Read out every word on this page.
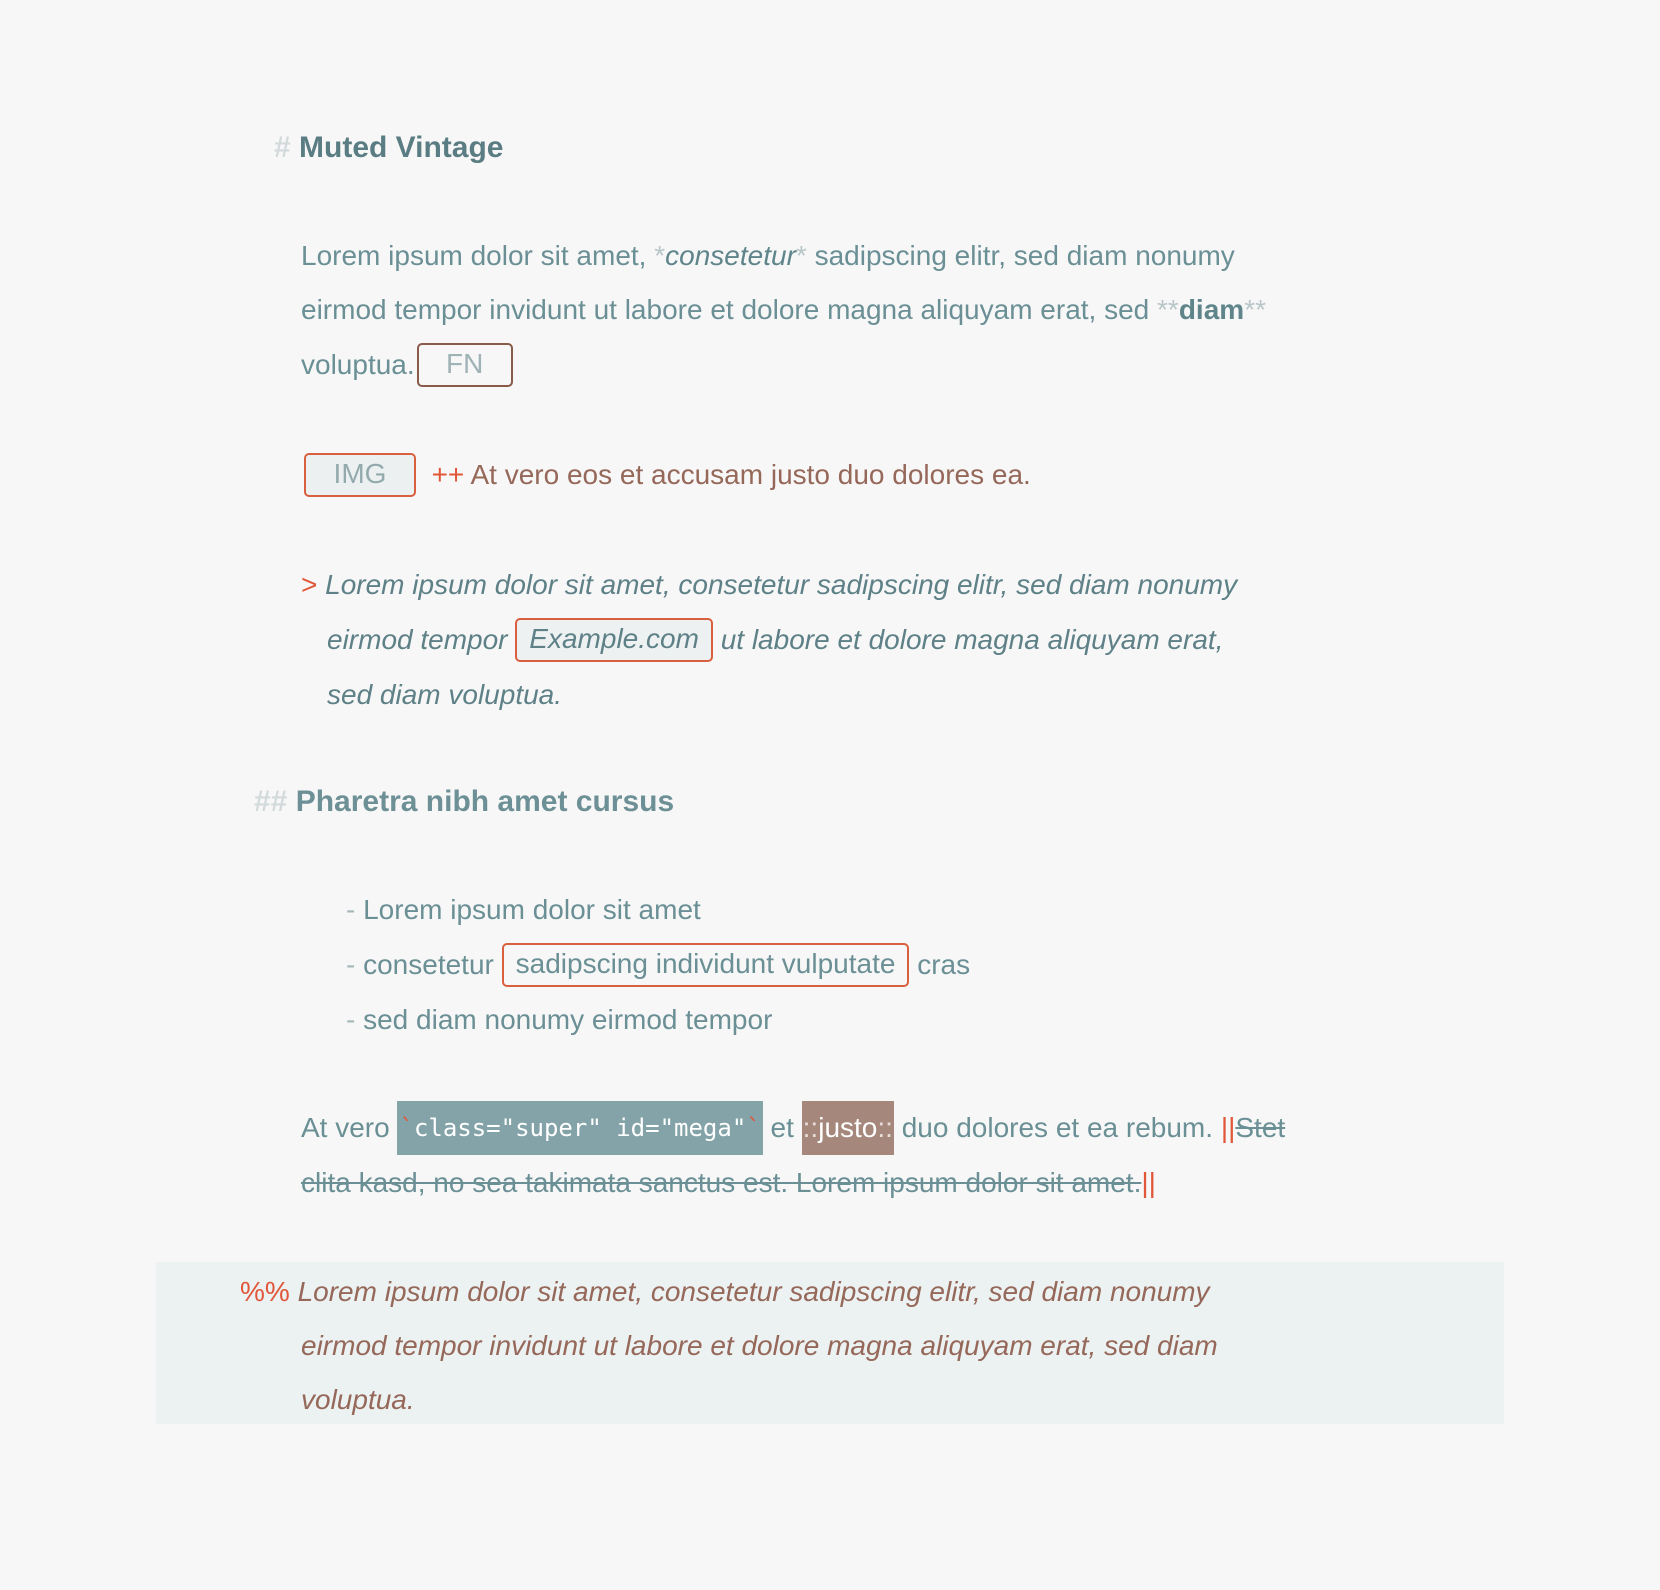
# Muted Vintage
Lorem ipsum dolor sit amet, *consetetur* sadipscing elitr, sed diam nonumy
eirmod tempor invidunt ut labore et dolore magna aliquyam erat, sed **diam**
voluptua. FN
IMG ++ At vero eos et accusam justo duo dolores ea.
> Lorem ipsum dolor sit amet, consetetur sadipscing elitr, sed diam nonumy
eirmod tempor Example.com ut labore et dolore magna aliquyam erat,
sed diam voluptua.
## Pharetra nibh amet cursus
- Lorem ipsum dolor sit amet
- consetetur sadipscing individunt vulputate cras
- sed diam nonumy eirmod tempor
At vero `class="super" id="mega"` et ::justo:: duo dolores et ea rebum. ||Stet
clita kasd, no sea takimata sanctus est. Lorem ipsum dolor sit amet.||
%% Lorem ipsum dolor sit amet, consetetur sadipscing elitr, sed diam nonumy
eirmod tempor invidunt ut labore et dolore magna aliquyam erat, sed diam
voluptua.
